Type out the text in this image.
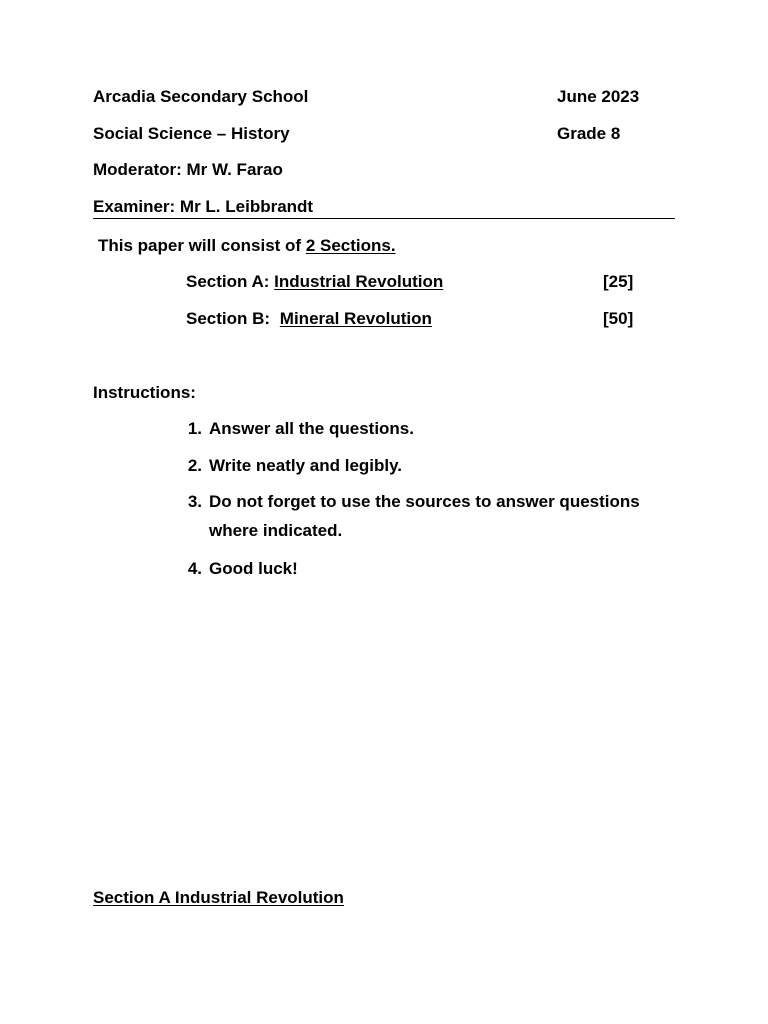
Arcadia Secondary School	June 2023
Social Science – History	Grade 8
Moderator: Mr W. Farao
Examiner: Mr L. Leibbrandt
This paper will consist of 2 Sections.
Section A: Industrial Revolution	[25]
Section B: Mineral Revolution	[50]
Instructions:
1. Answer all the questions.
2. Write neatly and legibly.
3. Do not forget to use the sources to answer questions
where indicated.
4. Good luck!
Section A Industrial Revolution
